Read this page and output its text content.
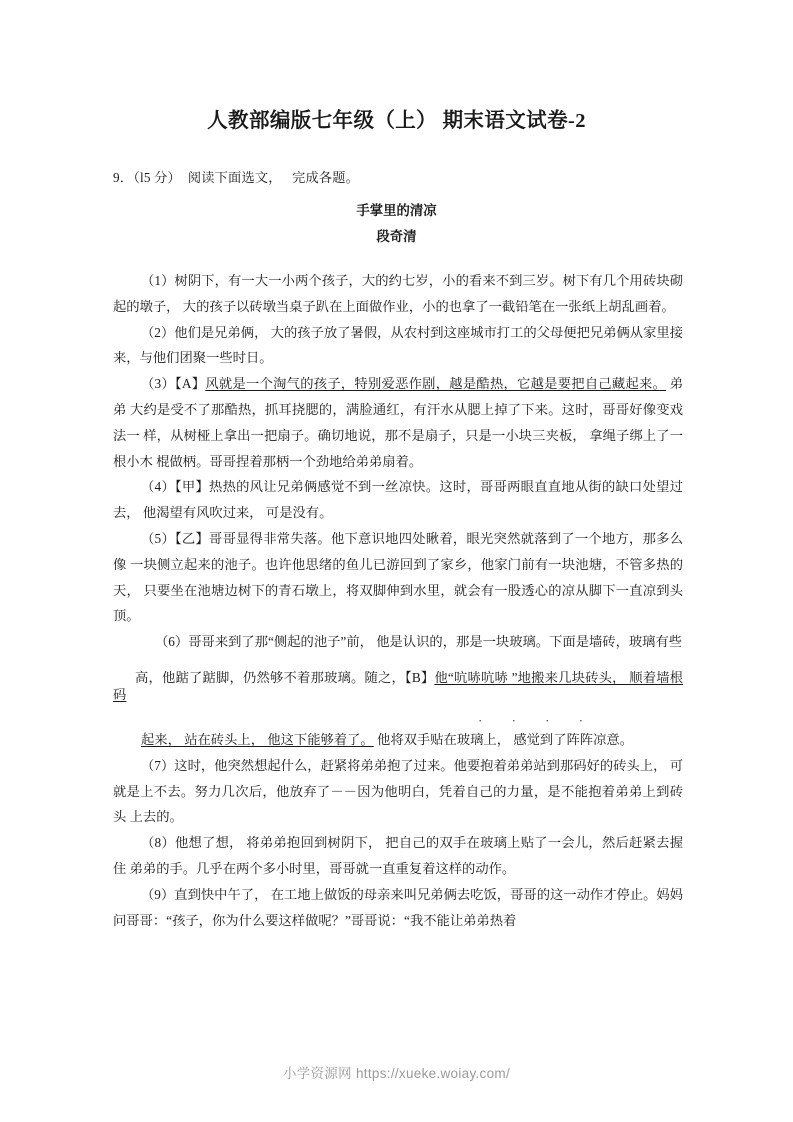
人教部编版七年级（上） 期末语文试卷-2
9．（l5 分）  阅读下面选文，   完成各题。
手掌里的清凉
段奇清

（1）树阴下，有一大一小两个孩子，大的约七岁，小的看来不到三岁。树下有几个用砖块砌 起的墩子， 大的孩子以砖墩当桌子趴在上面做作业，小的也拿了一截铅笔在一张纸上胡乱画着。

（2）他们是兄弟俩， 大的孩子放了暑假，从农村到这座城市打工的父母便把兄弟俩从家里接 来，与他们团聚一些时日。

（3）【A】风就是一个淘气的孩子，特别爱恶作剧，越是酷热，它越是要把自己藏起来。 弟弟 大约是受不了那酷热，抓耳挠腮的，满脸通红，有汗水从腮上掉了下来。这时，哥哥好像变戏法一 样，从树桠上拿出一把扇子。确切地说，那不是扇子，只是一小块三夹板， 拿绳子绑上了一根小木 棍做柄。哥哥捏着那柄一个劲地给弟弟扇着。

（4）【甲】热热的风让兄弟俩感觉不到一丝凉快。这时，哥哥两眼直直地从街的缺口处望过去， 他渴望有风吹过来， 可是没有。

（5）【乙】哥哥显得非常失落。他下意识地四处瞅着，眼光突然就落到了一个地方，那多么像 一块侧立起来的池子。也许他思绪的鱼儿已游回到了家乡，他家门前有一块池塘，不管多热的天， 只要坐在池塘边树下的青石墩上，将双脚伸到水里，就会有一股透心的凉从脚下一直凉到头顶。

（6）哥哥来到了那“侧起的池子”前， 他是认识的，那是一块玻璃。下面是墙砖，玻璃有些
高，他踮了踮脚，仍然够不着那玻璃。随之，【B】他“吭哧吭哧 ”地搬来几块砖头， 顺着墙根码
· · · ·
起来， 站在砖头上， 他这下能够着了。 他将双手贴在玻璃上， 感觉到了阵阵凉意。

（7）这时，他突然想起什么，赶紧将弟弟抱了过来。他要抱着弟弟站到那码好的砖头上， 可 就是上不去。努力几次后，他放弃了－－因为他明白，凭着自己的力量，是不能抱着弟弟上到砖头 上去的。

（8）他想了想， 将弟弟抱回到树阴下， 把自己的双手在玻璃上贴了一会儿，然后赶紧去握住 弟弟的手。几乎在两个多小时里，哥哥就一直重复着这样的动作。

（9）直到快中午了， 在工地上做饭的母亲来叫兄弟俩去吃饭，哥哥的这一动作才停止。妈妈 问哥哥：“孩子，你为什么要这样做呢？”哥哥说：“我不能让弟弟热着

小学资源网 https://xueke.woiay.com/
